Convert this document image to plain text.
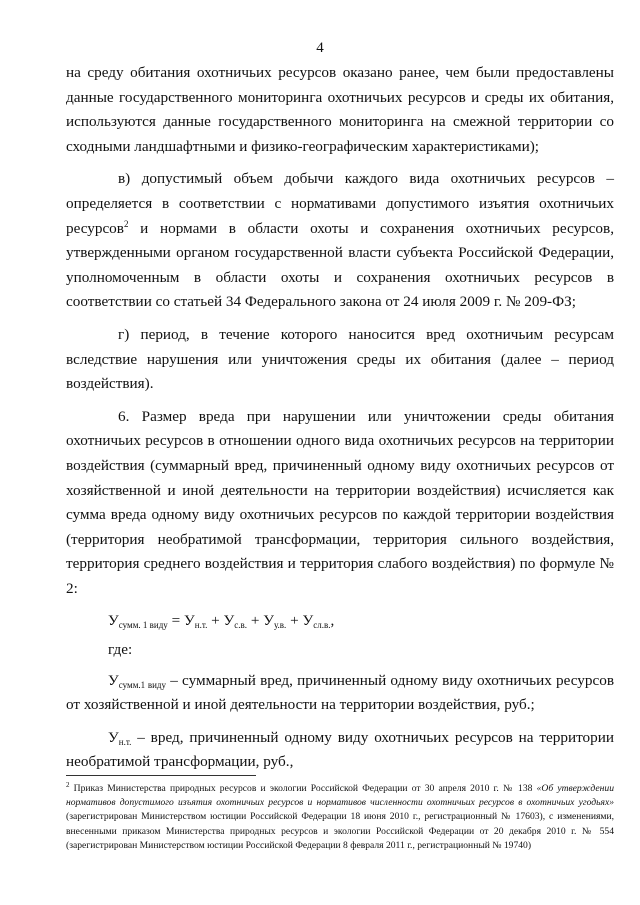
4

на среду обитания охотничьих ресурсов оказано ранее, чем были предоставлены данные государственного мониторинга охотничьих ресурсов и среды их обитания, используются данные государственного мониторинга на смежной территории со сходными ландшафтными и физико-географическим характеристиками);

в) допустимый объем добычи каждого вида охотничьих ресурсов – определяется в соответствии с нормативами допустимого изъятия охотничьих ресурсов$^2$ и нормами в области охоты и сохранения охотничьих ресурсов, утвержденными органом государственной власти субъекта Российской Федерации, уполномоченным в области охоты и сохранения охотничьих ресурсов в соответствии со статьей 34 Федерального закона от 24 июля 2009 г. № 209-ФЗ;

г) период, в течение которого наносится вред охотничьим ресурсам вследствие нарушения или уничтожения среды их обитания (далее – период воздействия).

6. Размер вреда при нарушении или уничтожении среды обитания охотничьих ресурсов в отношении одного вида охотничьих ресурсов на территории воздействия (суммарный вред, причиненный одному виду охотничьих ресурсов от хозяйственной и иной деятельности на территории воздействия) исчисляется как сумма вреда одному виду охотничьих ресурсов по каждой территории воздействия (территория необратимой трансформации, территория сильного воздействия, территория среднего воздействия и территория слабого воздействия) по формуле № 2:

$У_{сумм. 1 виду} = У_{н.т.} + У_{с.в.} + У_{у.в.} + У_{сл.в.}$,

где:

$У_{сумм.1 виду}$ – суммарный вред, причиненный одному виду охотничьих ресурсов от хозяйственной и иной деятельности на территории воздействия, руб.;

$У_{н.т.}$ – вред, причиненный одному виду охотничьих ресурсов на территории необратимой трансформации, руб.,

$^2$ Приказ Министерства природных ресурсов и экологии Российской Федерации от 30 апреля 2010 г. № 138 «Об утверждении нормативов допустимого изъятия охотничьих ресурсов и нормативов численности охотничьих ресурсов в охотничьих угодьях» (зарегистрирован Министерством юстиции Российской Федерации 18 июня 2010 г., регистрационный № 17603), с изменениями, внесенными приказом Министерства природных ресурсов и экологии Российской Федерации от 20 декабря 2010 г. № 554 (зарегистрирован Министерством юстиции Российской Федерации 8 февраля 2011 г., регистрационный № 19740)
